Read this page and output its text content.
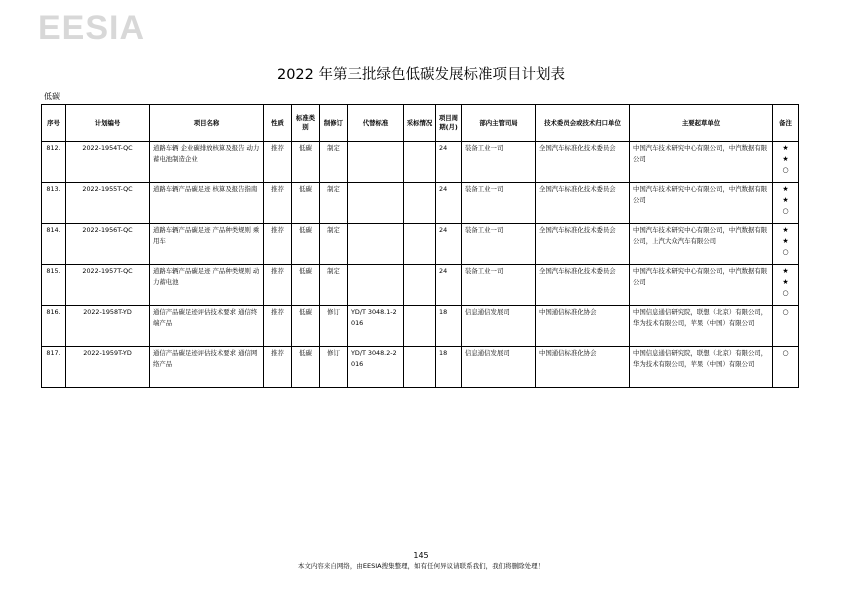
EESIA
2022 年第三批绿色低碳发展标准项目计划表
低碳
序号	计划编号	项目名称	性质	标准类别	制修订	代替标准	采标情况	项目周期(月)	部内主管司局	技术委员会或技术归口单位	主要起草单位	备注
812.	2022-1954T-QC	道路车辆 企业碳排放核算及报告 动力蓄电池制造企业	推荐	低碳	制定			24	装备工业一司	全国汽车标准化技术委员会	中国汽车技术研究中心有限公司，中汽数据有限公司	★
★
○

813.	2022-1955T-QC	道路车辆产品碳足迹 核算及报告指南	推荐	低碳	制定			24	装备工业一司	全国汽车标准化技术委员会	中国汽车技术研究中心有限公司，中汽数据有限公司	★
★
○

814.	2022-1956T-QC	道路车辆产品碳足迹 产品种类规则 乘用车	推荐	低碳	制定			24	装备工业一司	全国汽车标准化技术委员会	中国汽车技术研究中心有限公司，中汽数据有限公司，上汽大众汽车有限公司	★
★
○

815.	2022-1957T-QC	道路车辆产品碳足迹 产品种类规则 动力蓄电池	推荐	低碳	制定			24	装备工业一司	全国汽车标准化技术委员会	中国汽车技术研究中心有限公司，中汽数据有限公司	★
★
○

816.	2022-1958T-YD	通信产品碳足迹评估技术要求 通信终端产品	推荐	低碳	修订	YD/T 3048.1-2016		18	信息通信发展司	中国通信标准化协会	中国信息通信研究院，联想（北京）有限公司，华为技术有限公司，苹果（中国）有限公司	○

817.	2022-1959T-YD	通信产品碳足迹评估技术要求 通信网络产品	推荐	低碳	修订	YD/T 3048.2-2016		18	信息通信发展司	中国通信标准化协会	中国信息通信研究院，联想（北京）有限公司，华为技术有限公司，苹果（中国）有限公司	○
145
本文内容来自网络，由EESIA搜集整理，如有任何异议请联系我们，我们将删除处理！
